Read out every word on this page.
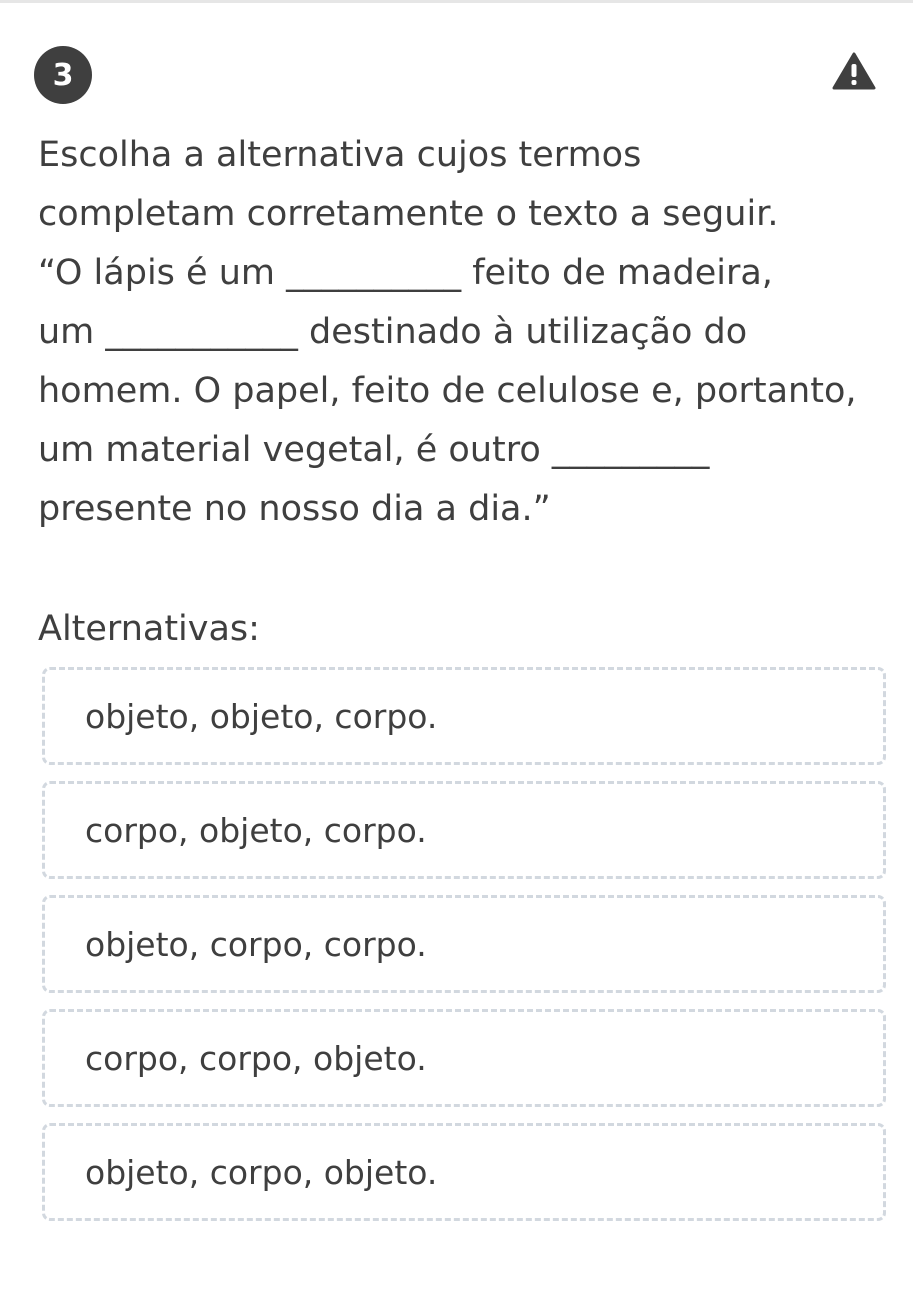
3

Escolha a alternativa cujos termos

completam corretamente o texto a seguir.

“O lápis é um __________ feito de madeira,

um ___________ destinado à utilização do

homem. O papel, feito de celulose e, portanto,

um material vegetal, é outro _________

presente no nosso dia a dia.”

Alternativas:
objeto, objeto, corpo.
corpo, objeto, corpo.
objeto, corpo, corpo.
corpo, corpo, objeto.
objeto, corpo, objeto.
